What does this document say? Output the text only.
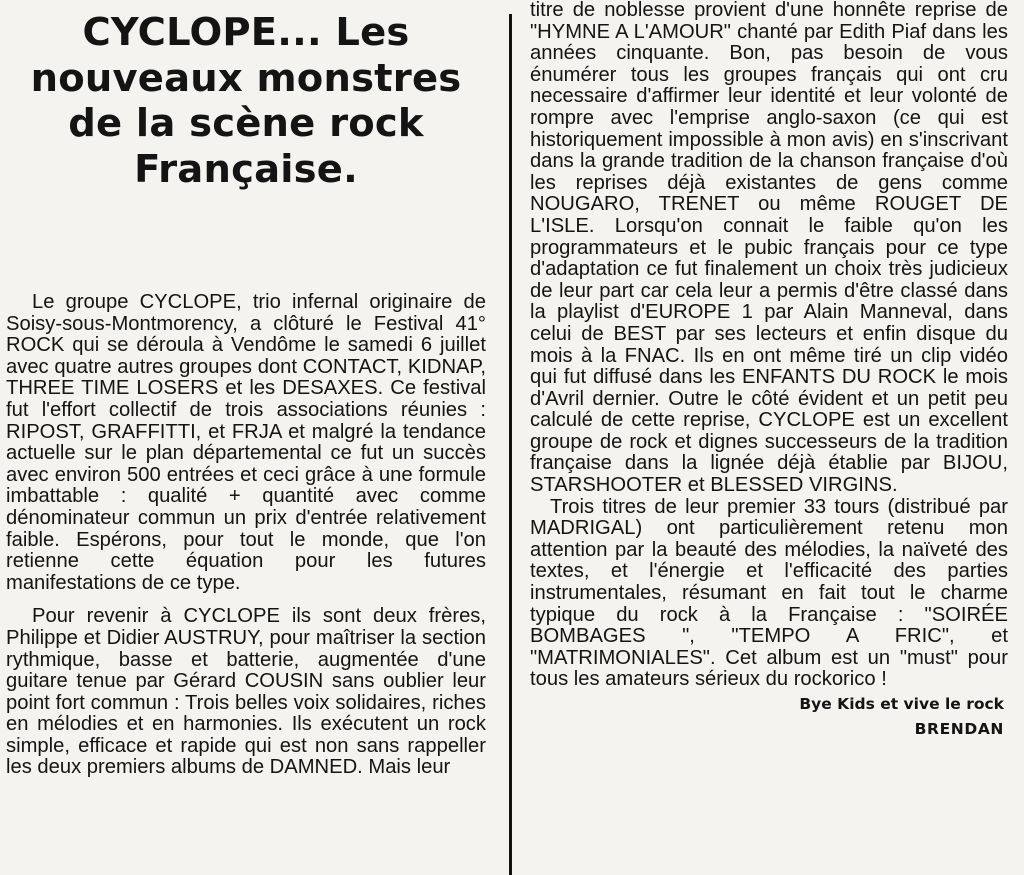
CYCLOPE... Les
nouveaux monstres
de la scène rock
Française.

Le groupe CYCLOPE, trio infernal originaire de Soisy-sous-Montmorency, a clôturé le Festival 41° ROCK qui se déroula à Vendôme le samedi 6 juillet avec quatre autres groupes dont CONTACT, KIDNAP, THREE TIME LOSERS et les DESAXES. Ce festival fut l'effort collectif de trois associations réunies : RIPOST, GRAFFITTI, et FRJA et malgré la tendance actuelle sur le plan départemental ce fut un succès avec environ 500 entrées et ceci grâce à une formule imbattable : qualité + quantité avec comme dénominateur commun un prix d'entrée relativement faible. Espérons, pour tout le monde, que l'on retienne cette équation pour les futures manifestations de ce type.

Pour revenir à CYCLOPE ils sont deux frères, Philippe et Didier AUSTRUY, pour maîtriser la section rythmique, basse et batterie, augmentée d'une guitare tenue par Gérard COUSIN sans oublier leur point fort commun : Trois belles voix solidaires, riches en mélodies et en harmonies. Ils exécutent un rock simple, efficace et rapide qui est non sans rappeller les deux premiers albums de DAMNED. Mais leur

titre de noblesse provient d'une honnête reprise de "HYMNE A L'AMOUR" chanté par Edith Piaf dans les années cinquante. Bon, pas besoin de vous énumérer tous les groupes français qui ont cru necessaire d'affirmer leur identité et leur volonté de rompre avec l'emprise anglo-saxon (ce qui est historiquement impossible à mon avis) en s'inscrivant dans la grande tradition de la chanson française d'où les reprises déjà existantes de gens comme NOUGARO, TRENET ou même ROUGET DE L'ISLE. Lorsqu'on connait le faible qu'on les programmateurs et le pubic français pour ce type d'adaptation ce fut finalement un choix très judicieux de leur part car cela leur a permis d'être classé dans la playlist d'EUROPE 1 par Alain Manneval, dans celui de BEST par ses lecteurs et enfin disque du mois à la FNAC. Ils en ont même tiré un clip vidéo qui fut diffusé dans les ENFANTS DU ROCK le mois d'Avril dernier. Outre le côté évident et un petit peu calculé de cette reprise, CYCLOPE est un excellent groupe de rock et dignes successeurs de la tradition française dans la lignée déjà établie par BIJOU, STARSHOOTER et BLESSED VIRGINS.

Trois titres de leur premier 33 tours (distribué par MADRIGAL) ont particulièrement retenu mon attention par la beauté des mélodies, la naïveté des textes, et l'énergie et l'efficacité des parties instrumentales, résumant en fait tout le charme typique du rock à la Française : "SOIRÉE BOMBAGES ", "TEMPO A FRIC", et "MATRIMONIALES". Cet album est un "must" pour tous les amateurs sérieux du rockorico !

Bye Kids et vive le rock

BRENDAN
